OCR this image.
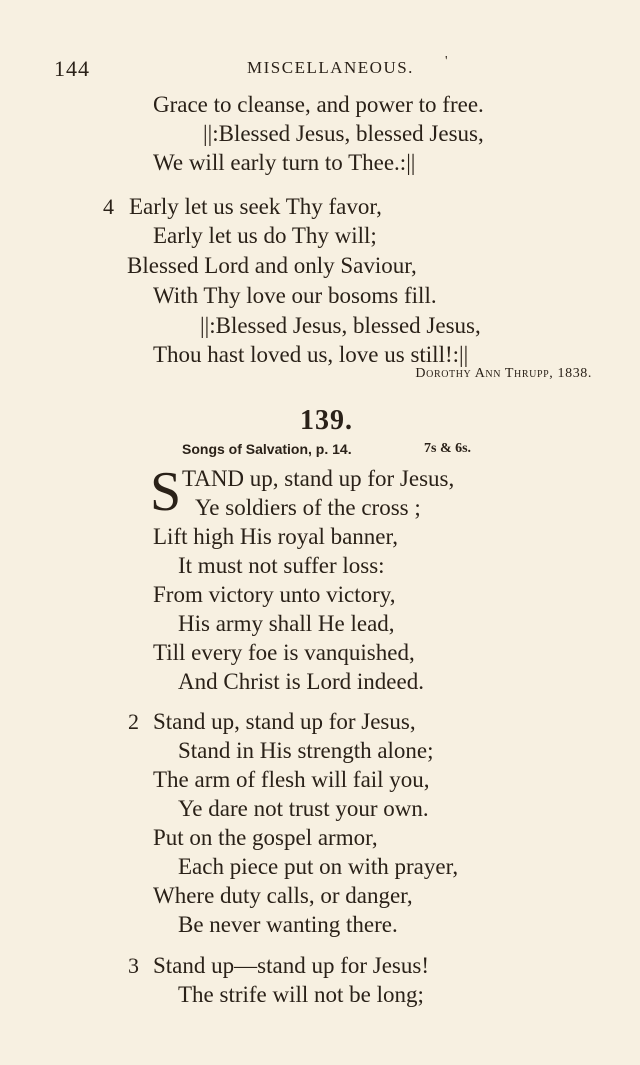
144	MISCELLANEOUS. '
Grace to cleanse, and power to free.
||:Blessed Jesus, blessed Jesus,
We will early turn to Thee.:||
4 Early let us seek Thy favor,
Early let us do Thy will;
Blessed Lord and only Saviour,
With Thy love our bosoms fill.
||:Blessed Jesus, blessed Jesus,
Thou hast loved us, love us still!:||
Dorothy Ann Thrupp, 1838.
139.
Songs of Salvation, p. 14.	7s & 6s.
S TAND up, stand up for Jesus,
Ye soldiers of the cross ;
Lift high His royal banner,
It must not suffer loss:
From victory unto victory,
His army shall He lead,
Till every foe is vanquished,
And Christ is Lord indeed.
2 Stand up, stand up for Jesus,
Stand in His strength alone;
The arm of flesh will fail you,
Ye dare not trust your own.
Put on the gospel armor,
Each piece put on with prayer,
Where duty calls, or danger,
Be never wanting there.
3 Stand up—stand up for Jesus!
The strife will not be long;
